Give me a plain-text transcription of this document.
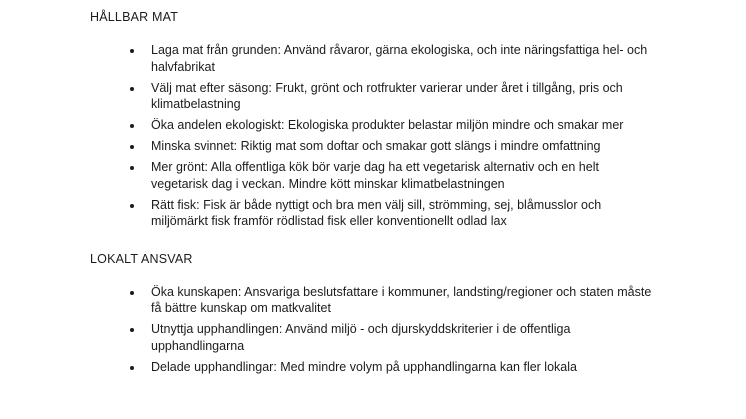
HÅLLBAR MAT
• Laga mat från grunden: Använd råvaror, gärna ekologiska, och inte näringsfattiga hel- och halvfabrikat
• Välj mat efter säsong: Frukt, grönt och rotfrukter varierar under året i tillgång, pris och klimatbelastning
• Öka andelen ekologiskt: Ekologiska produkter belastar miljön mindre och smakar mer
• Minska svinnet: Riktig mat som doftar och smakar gott slängs i mindre omfattning
• Mer grönt: Alla offentliga kök bör varje dag ha ett vegetarisk alternativ och en helt vegetarisk dag i veckan. Mindre kött minskar klimatbelastningen
• Rätt fisk: Fisk är både nyttigt och bra men välj sill, strömming, sej, blåmusslor och miljömärkt fisk framför rödlistad fisk eller konventionellt odlad lax
LOKALT ANSVAR
• Öka kunskapen: Ansvariga beslutsfattare i kommuner, landsting/regioner och staten måste få bättre kunskap om matkvalitet
• Utnyttja upphandlingen: Använd miljö - och djurskyddskriterier i de offentliga upphandlingarna
• Delade upphandlingar: Med mindre volym på upphandlingarna kan fler lokala
